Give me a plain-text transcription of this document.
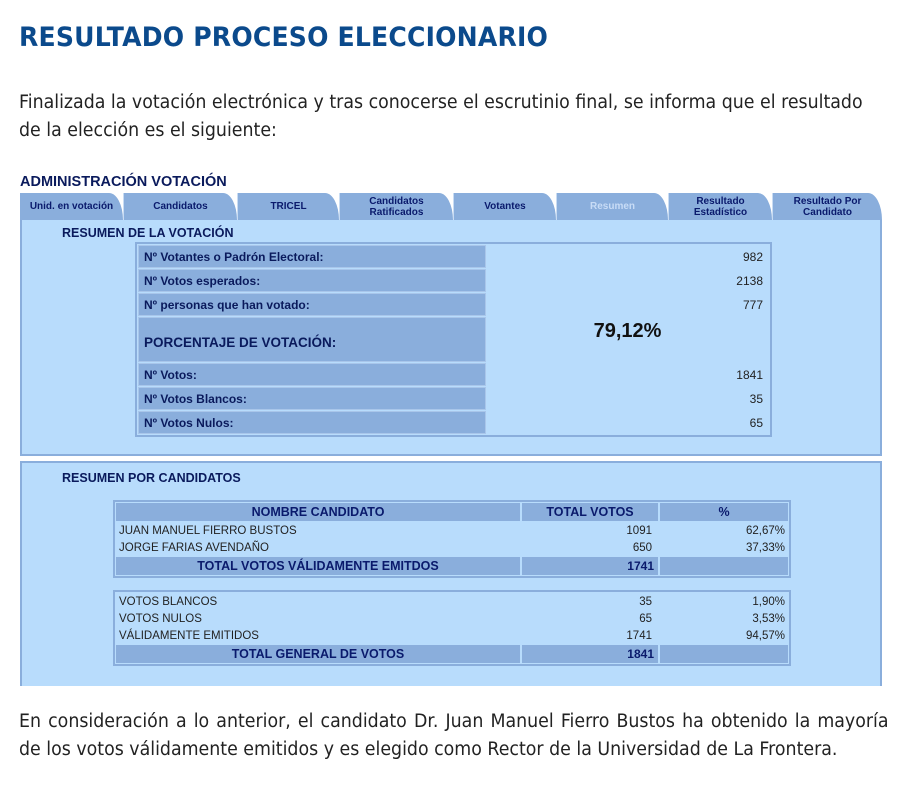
RESULTADO PROCESO ELECCIONARIO

Finalizada la votación electrónica y tras conocerse el escrutinio final, se informa que el resultado de la elección es el siguiente:

ADMINISTRACIÓN VOTACIÓN
Unid. en votación	Candidatos	TRICEL	Candidatos Ratificados	Votantes	Resumen	Resultado Estadístico
Resultado Por Candidato
RESUMEN DE LA VOTACIÓN
Nº Votantes o Padrón Electoral:	982
Nº Votos esperados:	2138
Nº personas que han votado:	777
PORCENTAJE DE VOTACIÓN:
79,12%
Nº Votos:	1841
Nº Votos Blancos:	35
Nº Votos Nulos:	65
RESUMEN POR CANDIDATOS
NOMBRE CANDIDATO	TOTAL VOTOS	%
JUAN MANUEL FIERRO BUSTOS	1091	62,67%
JORGE FARIAS AVENDAÑO	650	37,33%
TOTAL VOTOS VÁLIDAMENTE EMITDOS	1741
VOTOS BLANCOS	35	1,90%
VOTOS NULOS	65	3,53%
VÁLIDAMENTE EMITIDOS	1741	94,57%
TOTAL GENERAL DE VOTOS	1841

En consideración a lo anterior, el candidato Dr. Juan Manuel Fierro Bustos ha obtenido la mayoría de los votos válidamente emitidos y es elegido como Rector de la Universidad de La Frontera.
